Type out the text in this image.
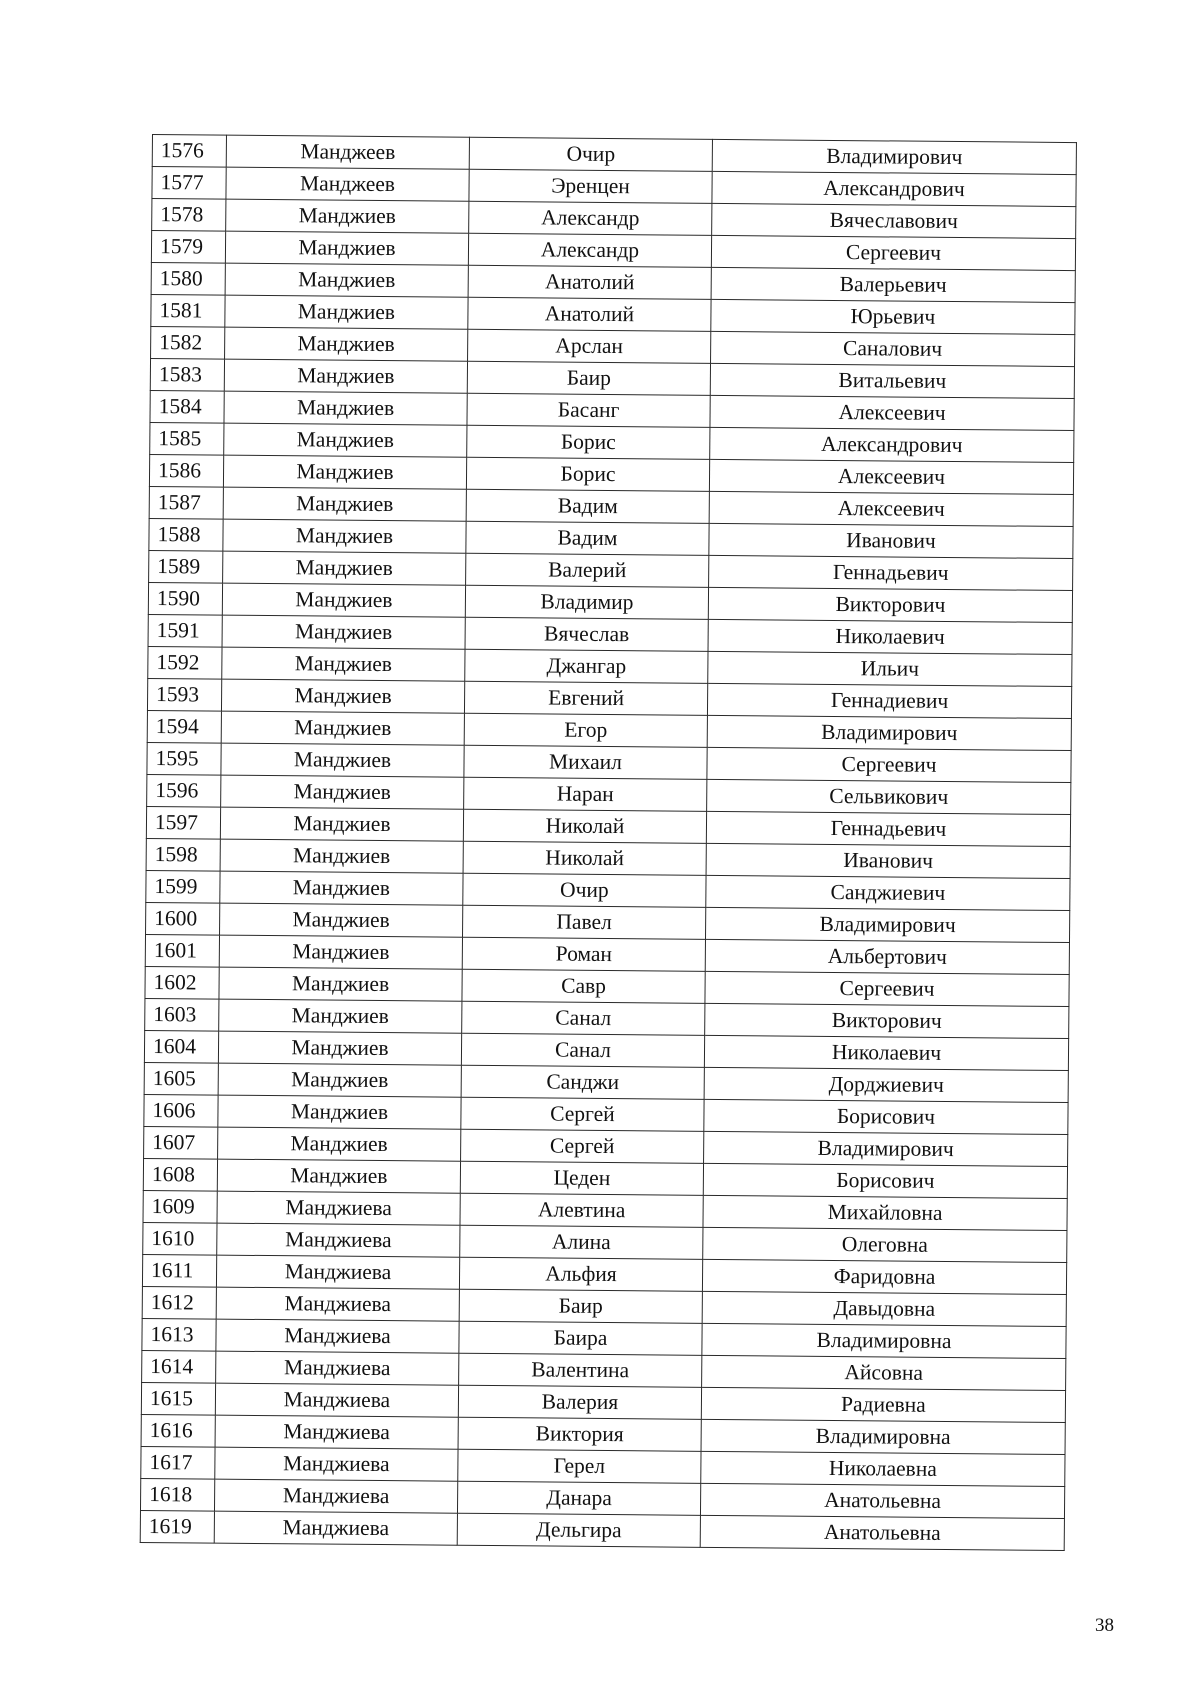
1576	Манджеев	Очир	Владимирович
1577	Манджеев	Эренцен	Александрович
1578	Манджиев	Александр	Вячеславович
1579	Манджиев	Александр	Сергеевич
1580	Манджиев	Анатолий	Валерьевич
1581	Манджиев	Анатолий	Юрьевич
1582	Манджиев	Арслан	Саналович
1583	Манджиев	Баир	Витальевич
1584	Манджиев	Басанг	Алексеевич
1585	Манджиев	Борис	Александрович
1586	Манджиев	Борис	Алексеевич
1587	Манджиев	Вадим	Алексеевич
1588	Манджиев	Вадим	Иванович
1589	Манджиев	Валерий	Геннадьевич
1590	Манджиев	Владимир	Викторович
1591	Манджиев	Вячеслав	Николаевич
1592	Манджиев	Джангар	Ильич
1593	Манджиев	Евгений	Геннадиевич
1594	Манджиев	Егор	Владимирович
1595	Манджиев	Михаил	Сергеевич
1596	Манджиев	Наран	Сельвикович
1597	Манджиев	Николай	Геннадьевич
1598	Манджиев	Николай	Иванович
1599	Манджиев	Очир	Санджиевич
1600	Манджиев	Павел	Владимирович
1601	Манджиев	Роман	Альбертович
1602	Манджиев	Савр	Сергеевич
1603	Манджиев	Санал	Викторович
1604	Манджиев	Санал	Николаевич
1605	Манджиев	Санджи	Дорджиевич
1606	Манджиев	Сергей	Борисович
1607	Манджиев	Сергей	Владимирович
1608	Манджиев	Цеден	Борисович
1609	Манджиева	Алевтина	Михайловна
1610	Манджиева	Алина	Олеговна
1611	Манджиева	Альфия	Фаридовна
1612	Манджиева	Баир	Давыдовна
1613	Манджиева	Баира	Владимировна
1614	Манджиева	Валентина	Айсовна
1615	Манджиева	Валерия	Радиевна
1616	Манджиева	Виктория	Владимировна
1617	Манджиева	Герел	Николаевна
1618	Манджиева	Данара	Анатольевна
1619	Манджиева	Дельгира	Анатольевна
38
